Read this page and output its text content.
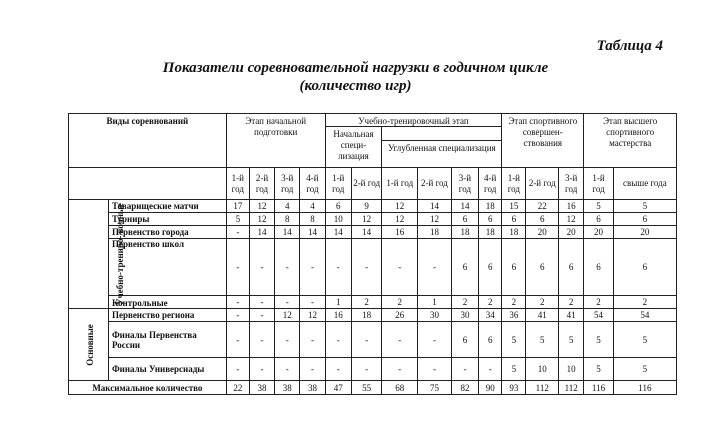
Таблица 4
Показатели соревновательной нагрузки в годичном цикле
(количество игр)
Виды соревнований		Этап начальной подготовки				Учебно-тренировочный этап						Этап спортивного совершен- ствования			Этап высшего спортивного мастерства	
						Начальная специ- лизация										
								Углубленная специализация								
		1-й год	2-й год	3-й год	4-й год	1-й год	2-й год	1-й год	2-й год	3-й год	4-й год	1-й год	2-й год	3-й год	1-й год	свыше года
Учебно-трениро- вочные	Товарищеские матчи	17	12	4	4	6	9	12	14	14	18	15	22	16	5	5
	Турниры	5	12	8	8	10	12	12	12	6	6	6	6	12	6	6
	Первенство города	-	14	14	14	14	14	16	18	18	18	18	20	20	20	20
	Первенство школ	-	-	-	-	-	-	-	-	6	6	6	6	6	6	6
	Контрольные	-	-	-	-	1	2	2	1	2	2	2	2	2	2	2
Основные	Первенство региона	-	-	12	12	16	18	26	30	30	34	36	41	41	54	54
	Финалы Первенства России	-	-	-	-	-	-	-	-	6	6	5	5	5	5	5
	Финалы Универсиады	-	-	-	-	-	-	-	-	-	-	5	10	10	5	5
Максимальное количество		22	38	38	38	47	55	68	75	82	90	93	112	112	116	116
